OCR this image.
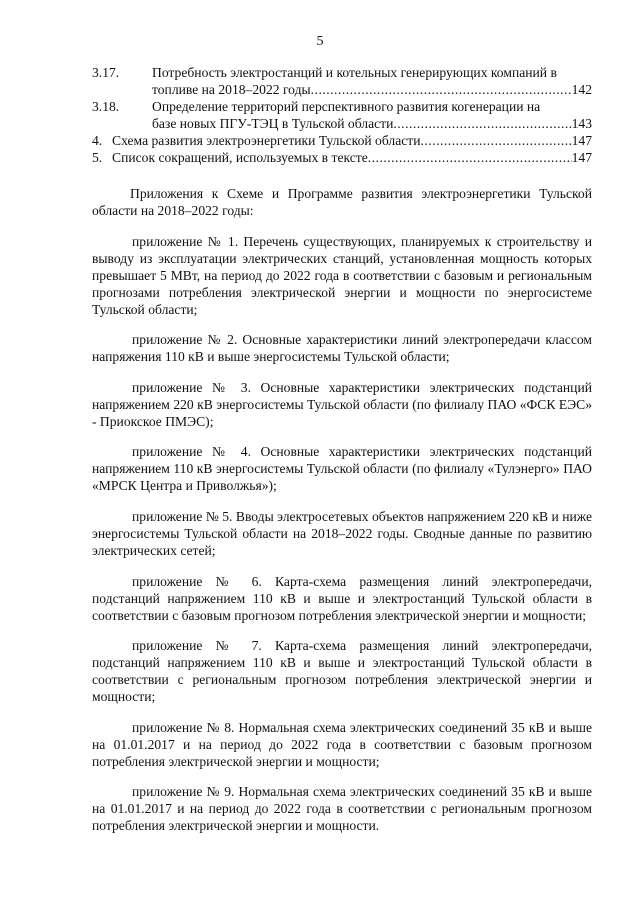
5
3.17.	Потребность электростанций и котельных генерирующих компаний в
топливе на 2018–2022 годы .....	142
3.18.	Определение территорий перспективного развития когенерации на
базе новых ПГУ-ТЭЦ в Тульской области .....	143
4. Схема развития электроэнергетики Тульской области .....	147
5. Список сокращений, используемых в тексте .....	147

Приложения к Схеме и Программе развития электроэнергетики Тульской области на 2018–2022 годы:

приложение № 1. Перечень существующих, планируемых к строительству и выводу из эксплуатации электрических станций, установленная мощность которых превышает 5 МВт, на период до 2022 года в соответствии с базовым и региональным прогнозами потребления электрической энергии и мощности по энергосистеме Тульской области;

приложение № 2. Основные характеристики линий электропередачи классом напряжения 110 кВ и выше энергосистемы Тульской области;

приложение № 3. Основные характеристики электрических подстанций напряжением 220 кВ энергосистемы Тульской области (по филиалу ПАО «ФСК ЕЭС» - Приокское ПМЭС);

приложение № 4. Основные характеристики электрических подстанций напряжением 110 кВ энергосистемы Тульской области (по филиалу «Тулэнерго» ПАО «МРСК Центра и Приволжья»);

приложение № 5. Вводы электросетевых объектов напряжением 220 кВ и ниже энергосистемы Тульской области на 2018–2022 годы. Сводные данные по развитию электрических сетей;

приложение № 6. Карта-схема размещения линий электропередачи, подстанций напряжением 110 кВ и выше и электростанций Тульской области в соответствии с базовым прогнозом потребления электрической энергии и мощности;

приложение № 7. Карта-схема размещения линий электропередачи, подстанций напряжением 110 кВ и выше и электростанций Тульской области в соответствии с региональным прогнозом потребления электрической энергии и мощности;

приложение № 8. Нормальная схема электрических соединений 35 кВ и выше на 01.01.2017 и на период до 2022 года в соответствии с базовым прогнозом потребления электрической энергии и мощности;

приложение № 9. Нормальная схема электрических соединений 35 кВ и выше на 01.01.2017 и на период до 2022 года в соответствии с региональным прогнозом потребления электрической энергии и мощности.
